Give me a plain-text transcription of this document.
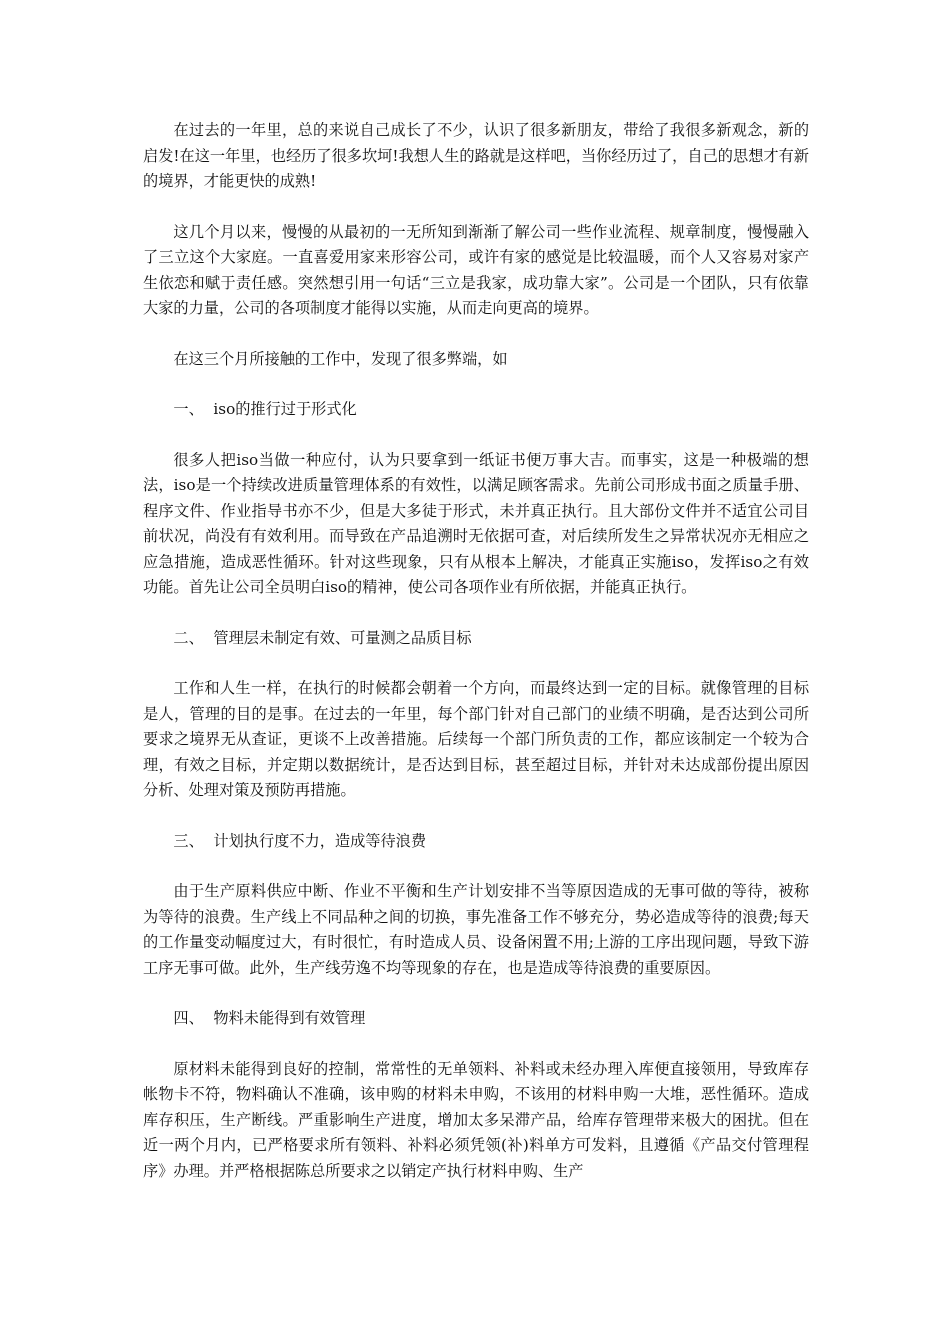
在过去的一年里，总的来说自己成长了不少，认识了很多新朋友，带给了我很多新观念，新的启发!在这一年里，也经历了很多坎坷!我想人生的路就是这样吧，当你经历过了，自己的思想才有新的境界，才能更快的成熟!

这几个月以来，慢慢的从最初的一无所知到渐渐了解公司一些作业流程、规章制度，慢慢融入了三立这个大家庭。一直喜爱用家来形容公司，或许有家的感觉是比较温暖，而个人又容易对家产生依恋和赋于责任感。突然想引用一句话“三立是我家，成功靠大家”。公司是一个团队，只有依靠大家的力量，公司的各项制度才能得以实施，从而走向更高的境界。

在这三个月所接触的工作中，发现了很多弊端，如

一、  iso的推行过于形式化

很多人把iso当做一种应付，认为只要拿到一纸证书便万事大吉。而事实，这是一种极端的想法，iso是一个持续改进质量管理体系的有效性，以满足顾客需求。先前公司形成书面之质量手册、程序文件、作业指导书亦不少，但是大多徒于形式，未并真正执行。且大部份文件并不适宜公司目前状况，尚没有有效利用。而导致在产品追溯时无依据可查，对后续所发生之异常状况亦无相应之应急措施，造成恶性循环。针对这些现象，只有从根本上解决，才能真正实施iso，发挥iso之有效功能。首先让公司全员明白iso的精神，使公司各项作业有所依据，并能真正执行。

二、  管理层未制定有效、可量测之品质目标

工作和人生一样，在执行的时候都会朝着一个方向，而最终达到一定的目标。就像管理的目标是人，管理的目的是事。在过去的一年里，每个部门针对自己部门的业绩不明确，是否达到公司所要求之境界无从查证，更谈不上改善措施。后续每一个部门所负责的工作，都应该制定一个较为合理，有效之目标，并定期以数据统计，是否达到目标，甚至超过目标，并针对未达成部份提出原因分析、处理对策及预防再措施。

三、  计划执行度不力，造成等待浪费

由于生产原料供应中断、作业不平衡和生产计划安排不当等原因造成的无事可做的等待，被称为等待的浪费。生产线上不同品种之间的切换，事先准备工作不够充分，势必造成等待的浪费;每天的工作量变动幅度过大，有时很忙，有时造成人员、设备闲置不用;上游的工序出现问题，导致下游工序无事可做。此外，生产线劳逸不均等现象的存在，也是造成等待浪费的重要原因。

四、  物料未能得到有效管理

原材料未能得到良好的控制，常常性的无单领料、补料或未经办理入库便直接领用，导致库存帐物卡不符，物料确认不准确，该申购的材料未申购，不该用的材料申购一大堆，恶性循环。造成库存积压，生产断线。严重影响生产进度，增加太多呆滞产品，给库存管理带来极大的困扰。但在近一两个月内，已严格要求所有领料、补料必须凭领(补)料单方可发料，且遵循《产品交付管理程序》办理。并严格根据陈总所要求之以销定产执行材料申购、生产
